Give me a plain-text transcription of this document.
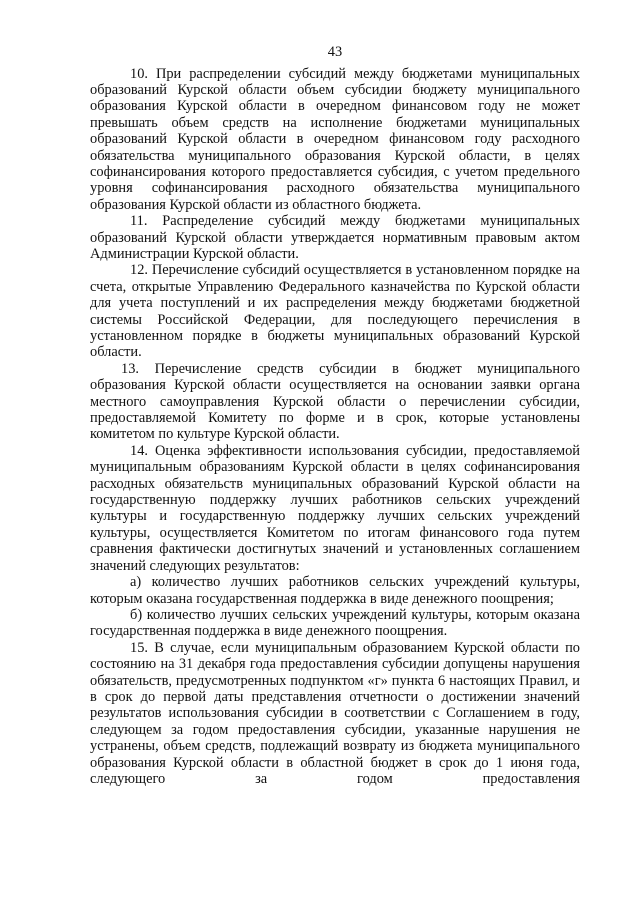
43

10. При распределении субсидий между бюджетами муниципальных образований Курской области объем субсидии бюджету муниципального образования Курской области в очередном финансовом году не может превышать объем средств на исполнение бюджетами муниципальных образований Курской области в очередном финансовом году расходного обязательства муниципального образования Курской области, в целях софинансирования которого предоставляется субсидия, с учетом предельного уровня софинансирования расходного обязательства муниципального образования Курской области из областного бюджета.

11. Распределение субсидий между бюджетами муниципальных образований Курской области утверждается нормативным правовым актом Администрации Курской области.

12. Перечисление субсидий осуществляется в установленном порядке на счета, открытые Управлению Федерального казначейства по Курской области для учета поступлений и их распределения между бюджетами бюджетной системы Российской Федерации, для последующего перечисления в установленном порядке в бюджеты муниципальных образований Курской области.

13. Перечисление средств субсидии в бюджет муниципального образования Курской области осуществляется на основании заявки органа местного самоуправления Курской области о перечислении субсидии, предоставляемой Комитету по форме и в срок, которые установлены комитетом по культуре Курской области.

14. Оценка эффективности использования субсидии, предоставляемой муниципальным образованиям Курской области в целях софинансирования расходных обязательств муниципальных образований Курской области на государственную поддержку лучших работников сельских учреждений культуры и государственную поддержку лучших сельских учреждений культуры, осуществляется Комитетом по итогам финансового года путем сравнения фактически достигнутых значений и установленных соглашением значений следующих результатов:

а) количество лучших работников сельских учреждений культуры, которым оказана государственная поддержка в виде денежного поощрения;

б) количество лучших сельских учреждений культуры, которым оказана государственная поддержка в виде денежного поощрения.

15. В случае, если муниципальным образованием Курской области по состоянию на 31 декабря года предоставления субсидии допущены нарушения обязательств, предусмотренных подпунктом «г» пункта 6 настоящих Правил, и в срок до первой даты представления отчетности о достижении значений результатов использования субсидии в соответствии с Соглашением в году, следующем за годом предоставления субсидии, указанные нарушения не устранены, объем средств, подлежащий возврату из бюджета муниципального образования Курской области в областной бюджет в срок до 1 июня года, следующего за годом предоставления
